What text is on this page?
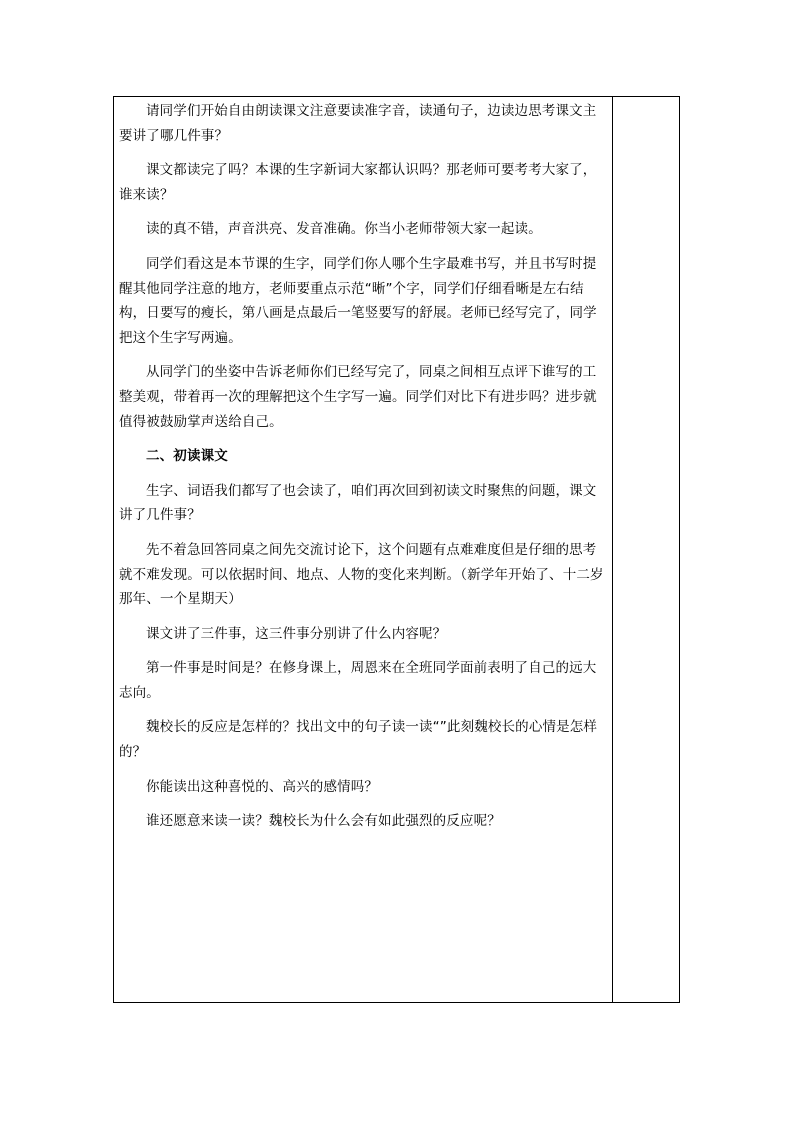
请同学们开始自由朗读课文注意要读准字音，读通句子，边读边思考课文主要讲了哪几件事？

课文都读完了吗？本课的生字新词大家都认识吗？那老师可要考考大家了，谁来读？

读的真不错，声音洪亮、发音准确。你当小老师带领大家一起读。

同学们看这是本节课的生字，同学们你人哪个生字最难书写，并且书写时提醒其他同学注意的地方，老师要重点示范“晰”个字，同学们仔细看晰是左右结构，日要写的瘦长，第八画是点最后一笔竖要写的舒展。老师已经写完了，同学把这个生字写两遍。

从同学门的坐姿中告诉老师你们已经写完了，同桌之间相互点评下谁写的工整美观，带着再一次的理解把这个生字写一遍。同学们对比下有进步吗？进步就值得被鼓励掌声送给自己。

二、初读课文

生字、词语我们都写了也会读了，咱们再次回到初读文时聚焦的问题，课文讲了几件事？

先不着急回答同桌之间先交流讨论下，这个问题有点难难度但是仔细的思考就不难发现。可以依据时间、地点、人物的变化来判断。（新学年开始了、十二岁那年、一个星期天）

课文讲了三件事，这三件事分别讲了什么内容呢？

第一件事是时间是？在修身课上，周恩来在全班同学面前表明了自己的远大志向。

魏校长的反应是怎样的？找出文中的句子读一读“”此刻魏校长的心情是怎样的？

你能读出这种喜悦的、高兴的感情吗？

谁还愿意来读一读？魏校长为什么会有如此强烈的反应呢？
